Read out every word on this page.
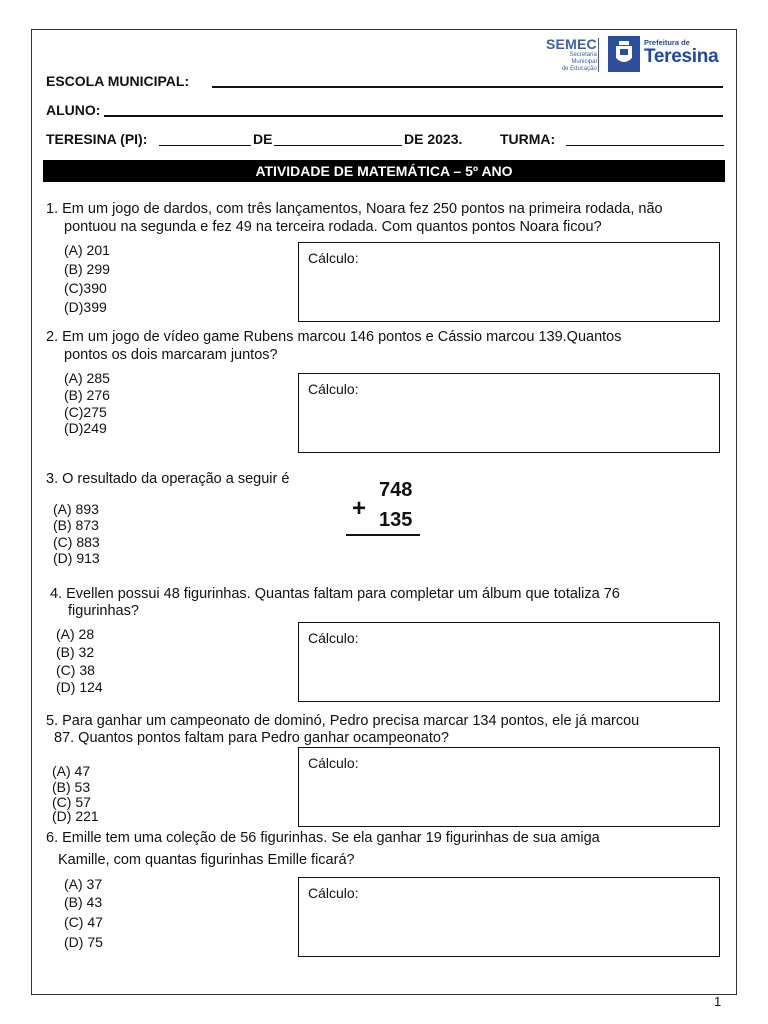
SEMEC
Secretaria
Municipal
de Educação
Prefeitura de
Teresina
ESCOLA MUNICIPAL:
ALUNO:
TERESINA (PI):	DE	DE 2023.	TURMA:
ATIVIDADE DE MATEMÁTICA – 5º ANO
1. Em um jogo de dardos, com três lançamentos, Noara fez 250 pontos na primeira rodada, não
pontuou na segunda e fez 49 na terceira rodada. Com quantos pontos Noara ficou?
(A) 201
(B) 299
(C)390
(D)399
Cálculo:
2. Em um jogo de vídeo game Rubens marcou 146 pontos e Cássio marcou 139.Quantos
pontos os dois marcaram juntos?
(A) 285
(B) 276
(C)275
(D)249
Cálculo:
3. O resultado da operação a seguir é
(A) 893
(B) 873
(C) 883
(D) 913
748
+ 135
4. Evellen possui 48 figurinhas. Quantas faltam para completar um álbum que totaliza 76
figurinhas?
(A) 28
(B) 32
(C) 38
(D) 124
Cálculo:
5. Para ganhar um campeonato de dominó, Pedro precisa marcar 134 pontos, ele já marcou
87. Quantos pontos faltam para Pedro ganhar ocampeonato?
(A) 47
(B) 53
(C) 57
(D) 221
Cálculo:
6. Emille tem uma coleção de 56 figurinhas. Se ela ganhar 19 figurinhas de sua amiga
Kamille, com quantas figurinhas Emille ficará?
(A) 37
(B) 43
(C) 47
(D) 75
Cálculo:
1
